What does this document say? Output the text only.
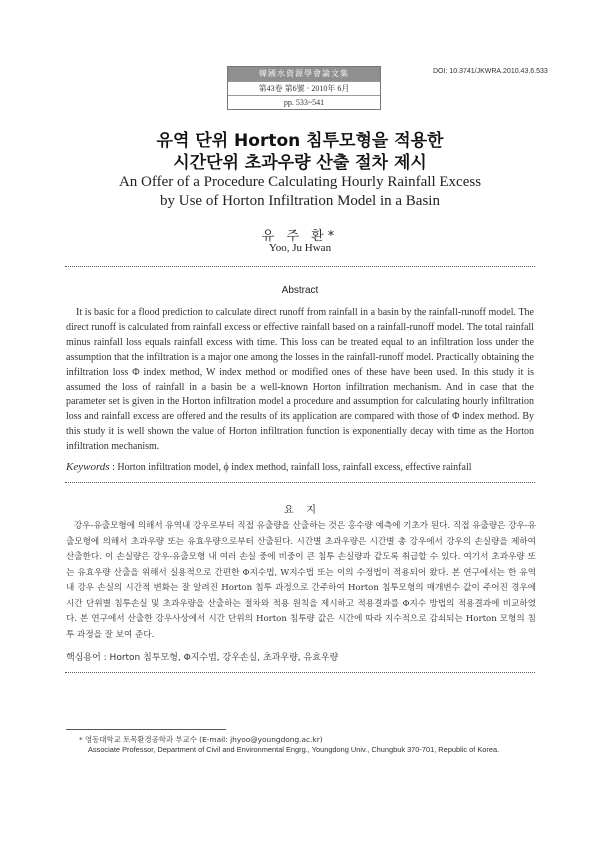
韓國水資源學會論文集
第43卷 第6號 · 2010年 6月
pp. 533~541
DOI: 10.3741/JKWRA.2010.43.6.533
유역 단위 Horton 침투모형을 적용한
시간단위 초과우량 산출 절차 제시
An Offer of a Procedure Calculating Hourly Rainfall Excess
by Use of Horton Infiltration Model in a Basin
유 주 환*
Yoo, Ju Hwan
Abstract
It is basic for a flood prediction to calculate direct runoff from rainfall in a basin by the rainfall-runoff model. The direct runoff is calculated from rainfall excess or effective rainfall based on a rainfall-runoff model. The total rainfall minus rainfall loss equals rainfall excess with time. This loss can be treated equal to an infiltration loss under the assumption that the infiltration is a major one among the losses in the rainfall-runoff model. Practically obtaining the infiltration loss Φ index method, W index method or modified ones of these have been used. In this study it is assumed the loss of rainfall in a basin be a well-known Horton infiltration mechanism. And in case that the parameter set is given in the Horton infiltration model a procedure and assumption for calculating hourly infiltration loss and rainfall excess are offered and the results of its application are compared with those of Φ index method. By this study it is well shown the value of Horton infiltration function is exponentially decay with time as the Horton infiltration mechanism.
Keywords : Horton infiltration model, ϕ index method, rainfall loss, rainfall excess, effective rainfall
요    지
강우-유출모형에 의해서 유역내 강우로부터 직접 유출량을 산출하는 것은 홍수량 예측에 기초가 된다. 직접 유출량은 강우-유출모형에 의해서 초과우량 또는 유효우량으로부터 산출된다. 시간별 초과우량은 시간별 총 강우에서 강우의 손실량을 제하여 산출한다. 이 손실량은 강우-유출모형 내 여러 손실 중에 비중이 큰 침투 손실량과 같도록 취급할 수 있다. 여기서 초과우량 또는 유효우량 산출을 위해서 실용적으로 간편한 Φ지수법, W지수법 또는 이의 수정법이 적용되어 왔다. 본 연구에서는 한 유역 내 강우 손실의 시간적 변화는 잘 알려진 Horton 침투 과정으로 간주하여 Horton 침투모형의 매개변수 값이 주어진 경우에 시간 단위별 침투손실 및 초과우량을 산출하는 절차와 적용 원칙을 제시하고 적용결과를 Φ지수 방법의 적용결과에 비교하였다. 본 연구에서 산출한 강우사상에서 시간 단위의 Horton 침투량 값은 시간에 따라 지수적으로 감쇠되는 Horton 모형의 침투 과정을 잘 보여 준다.
핵심용어 : Horton 침투모형, Φ지수법, 강우손실, 초과우량, 유효우량
* 영동대학교 토목환경공학과 부교수 (E-mail: jhyoo@youngdong.ac.kr)
Associate Professor, Department of Civil and Environmental Engrg., Youngdong Univ., Chungbuk 370-701, Republic of Korea.
